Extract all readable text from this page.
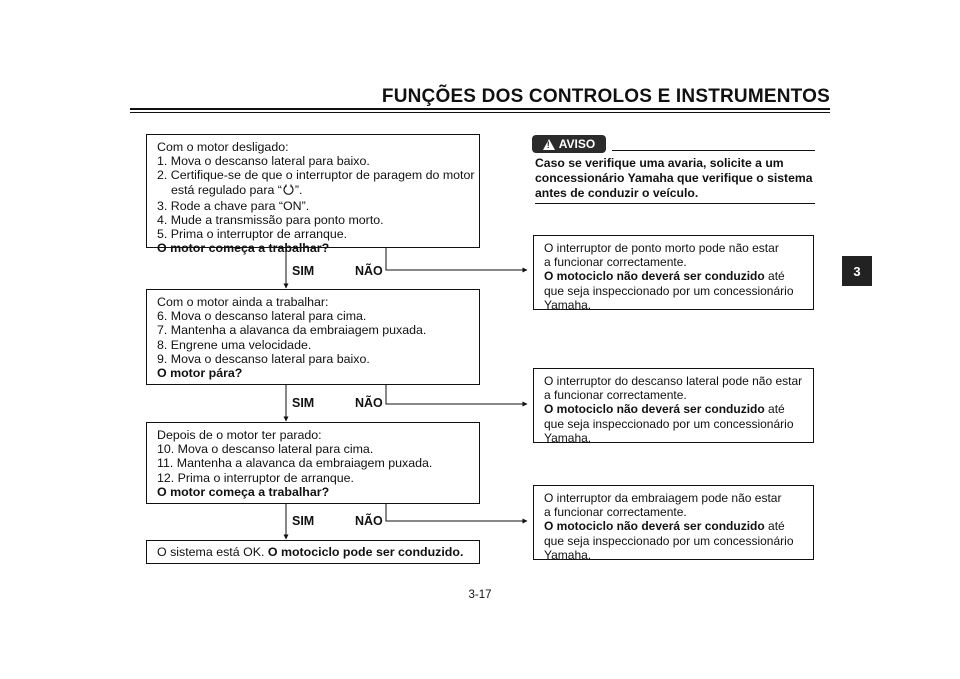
FUNÇÕES DOS CONTROLOS E INSTRUMENTOS
Com o motor desligado:
1. Mova o descanso lateral para baixo.
2. Certifique-se de que o interruptor de paragem do motor
está regulado para “ ”.
3. Rode a chave para “ON”.
4. Mude a transmissão para ponto morto.
5. Prima o interruptor de arranque.
O motor começa a trabalhar?
SIM	NÃO
Com o motor ainda a trabalhar:
6. Mova o descanso lateral para cima.
7. Mantenha a alavanca da embraiagem puxada.
8. Engrene uma velocidade.
9. Mova o descanso lateral para baixo.
O motor pára?
SIM	NÃO
Depois de o motor ter parado:
10. Mova o descanso lateral para cima.
11. Mantenha a alavanca da embraiagem puxada.
12. Prima o interruptor de arranque.
O motor começa a trabalhar?
SIM	NÃO
O sistema está OK. O motociclo pode ser conduzido.
!
AVISO
Caso se verifique uma avaria, solicite a um concessionário Yamaha que verifique o sistema antes de conduzir o veículo.
O interruptor de ponto morto pode não estar
a funcionar correctamente.
O motociclo não deverá ser conduzido até
que seja inspeccionado por um concessionário
Yamaha.
O interruptor do descanso lateral pode não estar
a funcionar correctamente.
O motociclo não deverá ser conduzido até
que seja inspeccionado por um concessionário
Yamaha.
O interruptor da embraiagem pode não estar
a funcionar correctamente.
O motociclo não deverá ser conduzido até
que seja inspeccionado por um concessionário
Yamaha.
3
3-17
